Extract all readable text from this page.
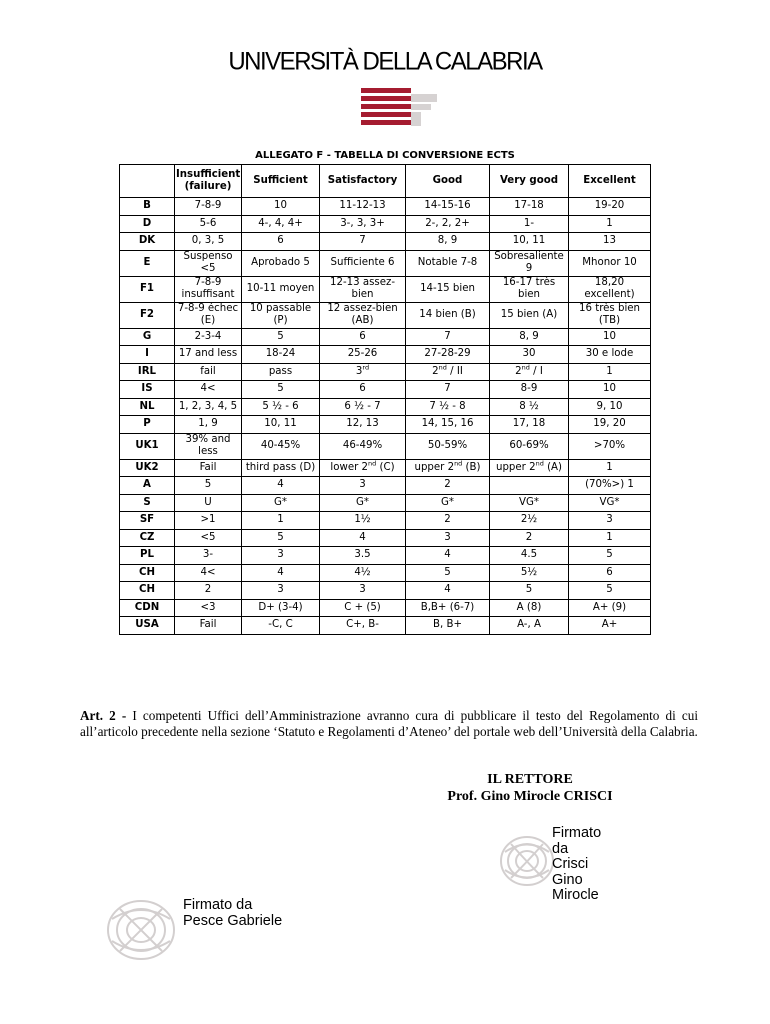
UNIVERSITÀ DELLA CALABRIA
ALLEGATO F - TABELLA DI CONVERSIONE ECTS
	Insufficient (failure)	Sufficient	Satisfactory	Good	Very good	Excellent
B	7-8-9	10	11-12-13	14-15-16	17-18	19-20
D	5-6	4-, 4, 4+	3-, 3, 3+	2-, 2, 2+	1-	1
DK	0, 3, 5	6	7	8, 9	10, 11	13
E	Suspenso <5	Aprobado 5	Sufficiente 6	Notable 7-8	Sobresaliente 9	Mhonor 10
F1	7-8-9 insuffisant	10-11 moyen	12-13 assez-bien	14-15 bien	16-17 très bien	18,20 excellent)
F2	7-8-9 échec (E)	10 passable (P)	12 assez-bien (AB)	14 bien (B)	15 bien (A)	16 très bien (TB)
G	2-3-4	5	6	7	8, 9	10
I	17 and less	18-24	25-26	27-28-29	30	30 e lode
IRL	fail	pass	3rd	2nd / II	2nd / I	1
IS	4<	5	6	7	8-9	10
NL	1, 2, 3, 4, 5	5 ½ - 6	6 ½ - 7	7 ½ - 8	8 ½	9, 10
P	1, 9	10, 11	12, 13	14, 15, 16	17, 18	19, 20
UK1	39% and less	40-45%	46-49%	50-59%	60-69%	>70%
UK2	Fail	third pass (D)	lower 2nd (C)	upper 2nd (B)	upper 2nd (A)	1
A	5	4	3	2		(70%>) 1
S	U	G*	G*	G*	VG*	VG*
SF	>1	1	1½	2	2½	3
CZ	<5	5	4	3	2	1
PL	3-	3	3.5	4	4.5	5
CH	4<	4	4½	5	5½	6
CH	2	3	3	4	5	5
CDN	<3	D+ (3-4)	C + (5)	B,B+ (6-7)	A (8)	A+ (9)
USA	Fail	-C, C	C+, B-	B, B+	A-, A	A+
Art. 2 - I competenti Uffici dell’Amministrazione avranno cura di pubblicare il testo del Regolamento di cui all’articolo precedente nella sezione ‘Statuto e Regolamenti d’Ateneo’ del portale web dell’Università della Calabria.
IL RETTORE
Prof. Gino Mirocle CRISCI
Firmato
da
Crisci
Gino
Mirocle
Firmato da
Pesce Gabriele
